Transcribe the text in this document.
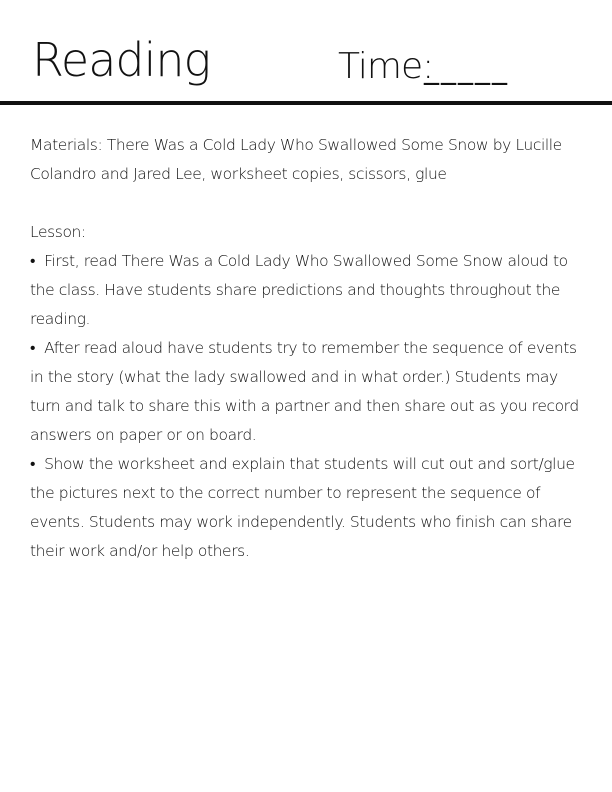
Reading	Time:
_____

Materials: There Was a Cold Lady Who Swallowed Some Snow by Lucille Colandro and Jared Lee, worksheet copies, scissors, glue

Lesson:

•  First, read There Was a Cold Lady Who Swallowed Some Snow aloud to the class. Have students share predictions and thoughts throughout the reading.

•  After read aloud have students try to remember the sequence of events in the story (what the lady swallowed and in what order.) Students may turn and talk to share this with a partner and then share out as you record answers on paper or on board.

•  Show the worksheet and explain that students will cut out and sort/glue the pictures next to the correct number to represent the sequence of events. Students may work independently. Students who finish can share their work and/or help others.
